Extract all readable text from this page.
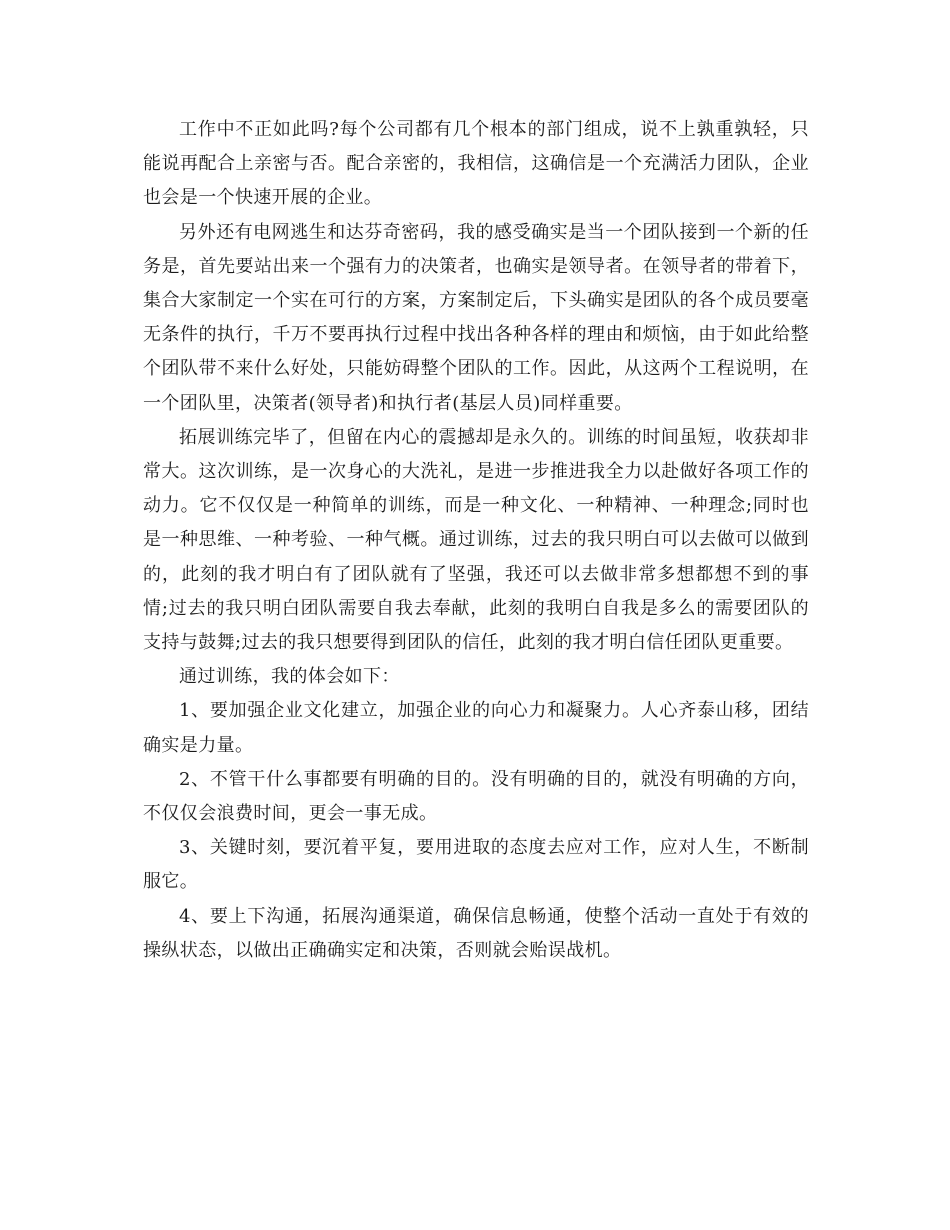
工作中不正如此吗?每个公司都有几个根本的部门组成，说不上孰重孰轻，只能说再配合上亲密与否。配合亲密的，我相信，这确信是一个充满活力团队，企业也会是一个快速开展的企业。

另外还有电网逃生和达芬奇密码，我的感受确实是当一个团队接到一个新的任务是，首先要站出来一个强有力的决策者，也确实是领导者。在领导者的带着下，集合大家制定一个实在可行的方案，方案制定后，下头确实是团队的各个成员要毫无条件的执行，千万不要再执行过程中找出各种各样的理由和烦恼，由于如此给整个团队带不来什么好处，只能妨碍整个团队的工作。因此，从这两个工程说明，在一个团队里，决策者(领导者)和执行者(基层人员)同样重要。

拓展训练完毕了，但留在内心的震撼却是永久的。训练的时间虽短，收获却非常大。这次训练，是一次身心的大洗礼，是进一步推进我全力以赴做好各项工作的动力。它不仅仅是一种简单的训练，而是一种文化、一种精神、一种理念;同时也是一种思维、一种考验、一种气概。通过训练，过去的我只明白可以去做可以做到的，此刻的我才明白有了团队就有了坚强，我还可以去做非常多想都想不到的事情;过去的我只明白团队需要自我去奉献，此刻的我明白自我是多么的需要团队的支持与鼓舞;过去的我只想要得到团队的信任，此刻的我才明白信任团队更重要。

通过训练，我的体会如下：

1、要加强企业文化建立，加强企业的向心力和凝聚力。人心齐泰山移，团结确实是力量。

2、不管干什么事都要有明确的目的。没有明确的目的，就没有明确的方向，不仅仅会浪费时间，更会一事无成。

3、关键时刻，要沉着平复，要用进取的态度去应对工作，应对人生，不断制服它。

4、要上下沟通，拓展沟通渠道，确保信息畅通，使整个活动一直处于有效的操纵状态，以做出正确确实定和决策，否则就会贻误战机。
